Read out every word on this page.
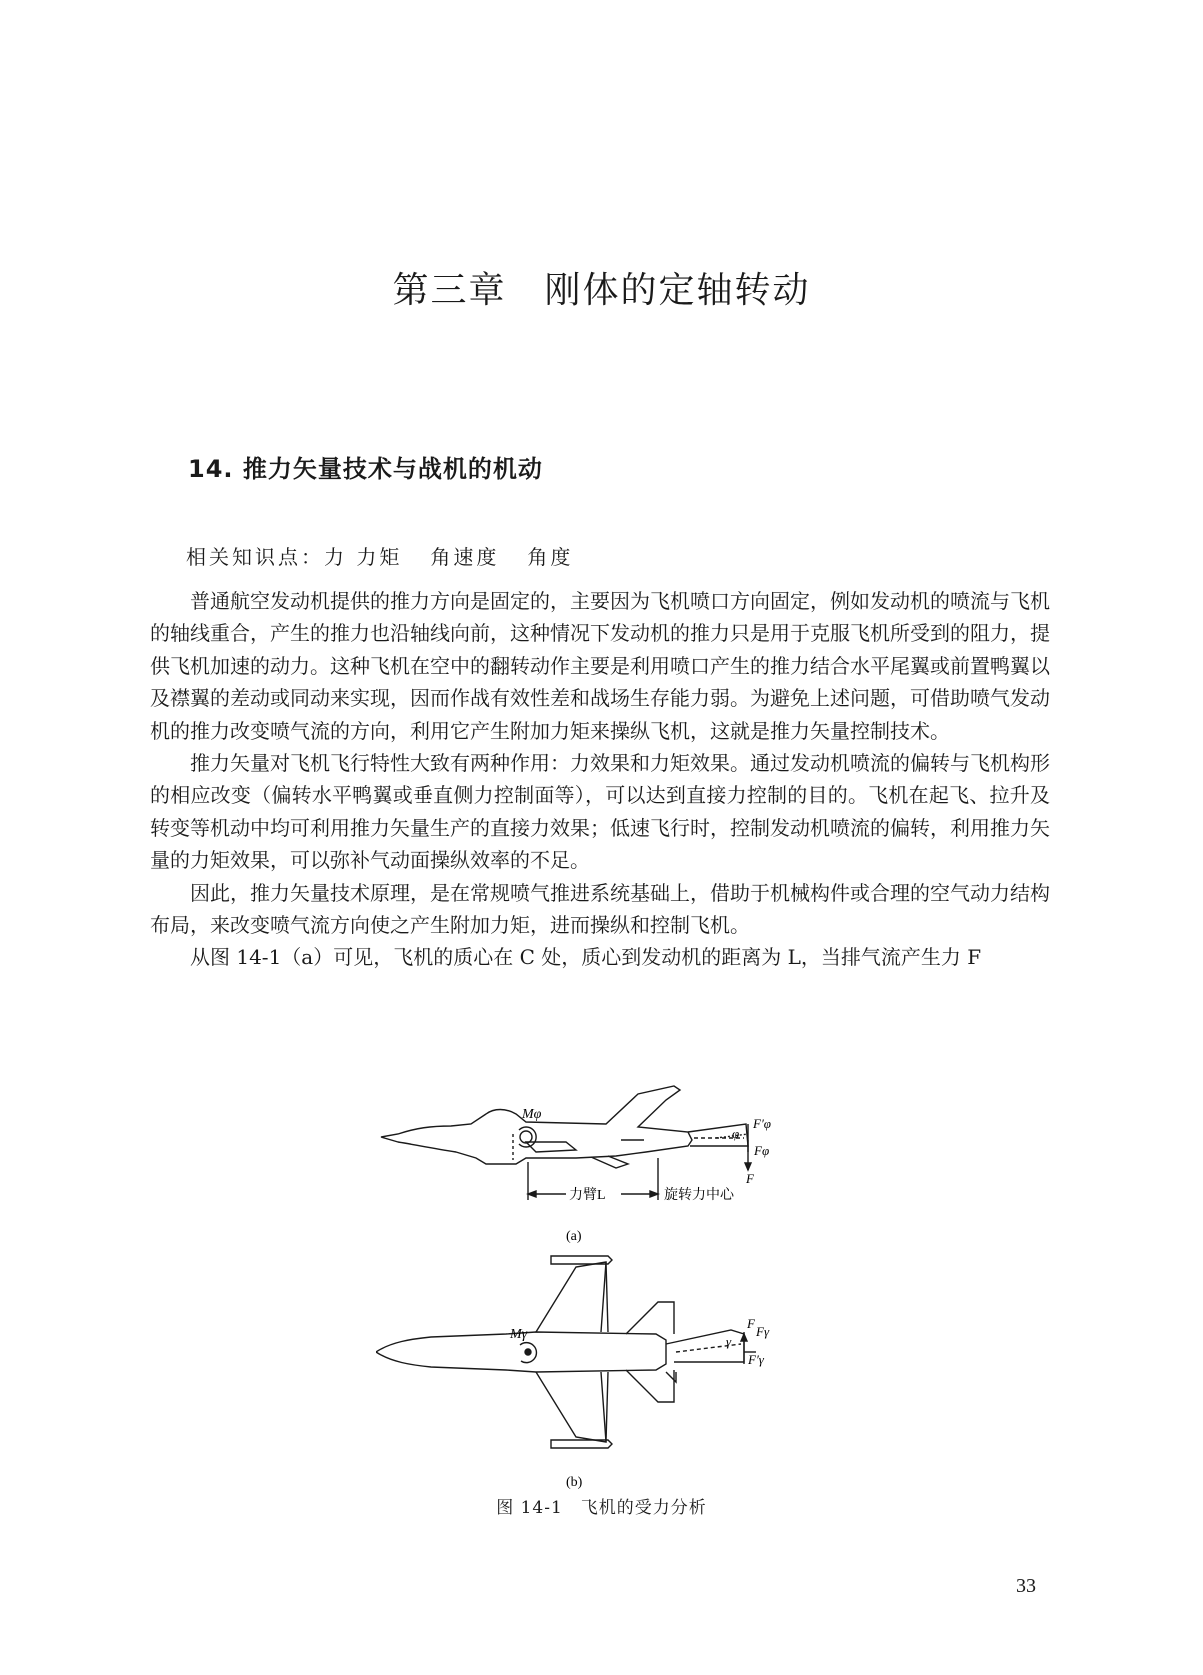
第三章 刚体的定轴转动
14. 推力矢量技术与战机的机动
相关知识点：力 力矩 角速度 角度

普通航空发动机提供的推力方向是固定的，主要因为飞机喷口方向固定，例如发动机的喷流与飞机的轴线重合，产生的推力也沿轴线向前，这种情况下发动机的推力只是用于克服飞机所受到的阻力，提供飞机加速的动力。这种飞机在空中的翻转动作主要是利用喷口产生的推力结合水平尾翼或前置鸭翼以及襟翼的差动或同动来实现，因而作战有效性差和战场生存能力弱。为避免上述问题，可借助喷气发动机的推力改变喷气流的方向，利用它产生附加力矩来操纵飞机，这就是推力矢量控制技术。

推力矢量对飞机飞行特性大致有两种作用：力效果和力矩效果。通过发动机喷流的偏转与飞机构形的相应改变（偏转水平鸭翼或垂直侧力控制面等），可以达到直接力控制的目的。飞机在起飞、拉升及转变等机动中均可利用推力矢量生产的直接力效果；低速飞行时，控制发动机喷流的偏转，利用推力矢量的力矩效果，可以弥补气动面操纵效率的不足。

因此，推力矢量技术原理，是在常规喷气推进系统基础上，借助于机械构件或合理的空气动力结构布局，来改变喷气流方向使之产生附加力矩，进而操纵和控制飞机。

从图 14-1（a）可见，飞机的质心在 C 处，质心到发动机的距离为 L，当排气流产生力 F

Mφ
力臂L	旋转力中心
φ
F′φ
Fφ
F
(a)
Mγ	γ
F
Fγ
F′γ
(b)
图 14-1　飞机的受力分析
33
